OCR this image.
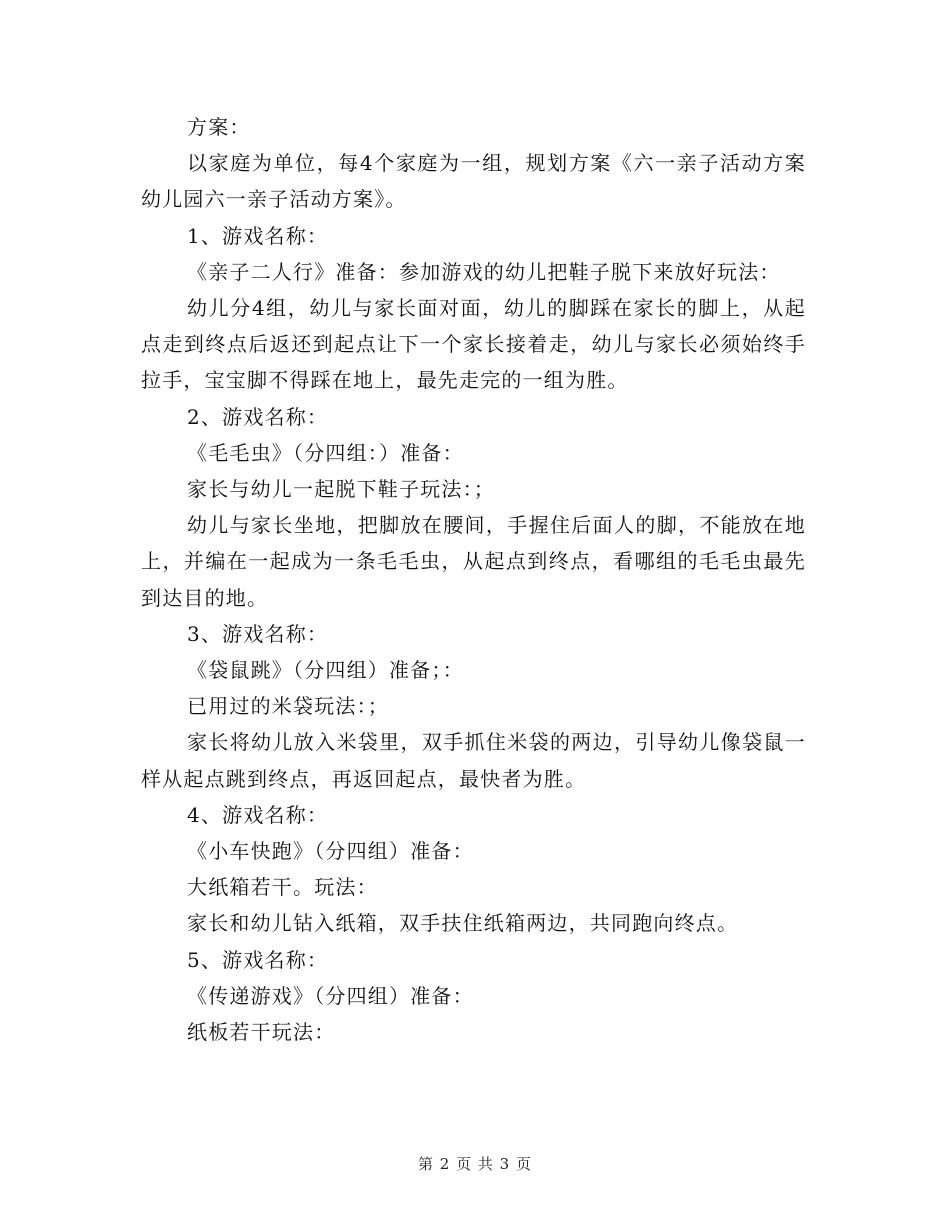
方案：

以家庭为单位，每4个家庭为一组，规划方案《六一亲子活动方案 幼儿园六一亲子活动方案》。

1、游戏名称：

《亲子二人行》准备：参加游戏的幼儿把鞋子脱下来放好玩法：

幼儿分4组，幼儿与家长面对面，幼儿的脚踩在家长的脚上，从起点走到终点后返还到起点让下一个家长接着走，幼儿与家长必须始终手拉手，宝宝脚不得踩在地上，最先走完的一组为胜。

2、游戏名称：

《毛毛虫》（分四组：）准备：

家长与幼儿一起脱下鞋子玩法：；

幼儿与家长坐地，把脚放在腰间，手握住后面人的脚，不能放在地上，并编在一起成为一条毛毛虫，从起点到终点，看哪组的毛毛虫最先到达目的地。

3、游戏名称：

《袋鼠跳》（分四组）准备；：

已用过的米袋玩法：；

家长将幼儿放入米袋里，双手抓住米袋的两边，引导幼儿像袋鼠一样从起点跳到终点，再返回起点，最快者为胜。

4、游戏名称：

《小车快跑》（分四组）准备：

大纸箱若干。玩法：

家长和幼儿钻入纸箱，双手扶住纸箱两边，共同跑向终点。

5、游戏名称：

《传递游戏》（分四组）准备：

纸板若干玩法：

第 2 页 共 3 页
